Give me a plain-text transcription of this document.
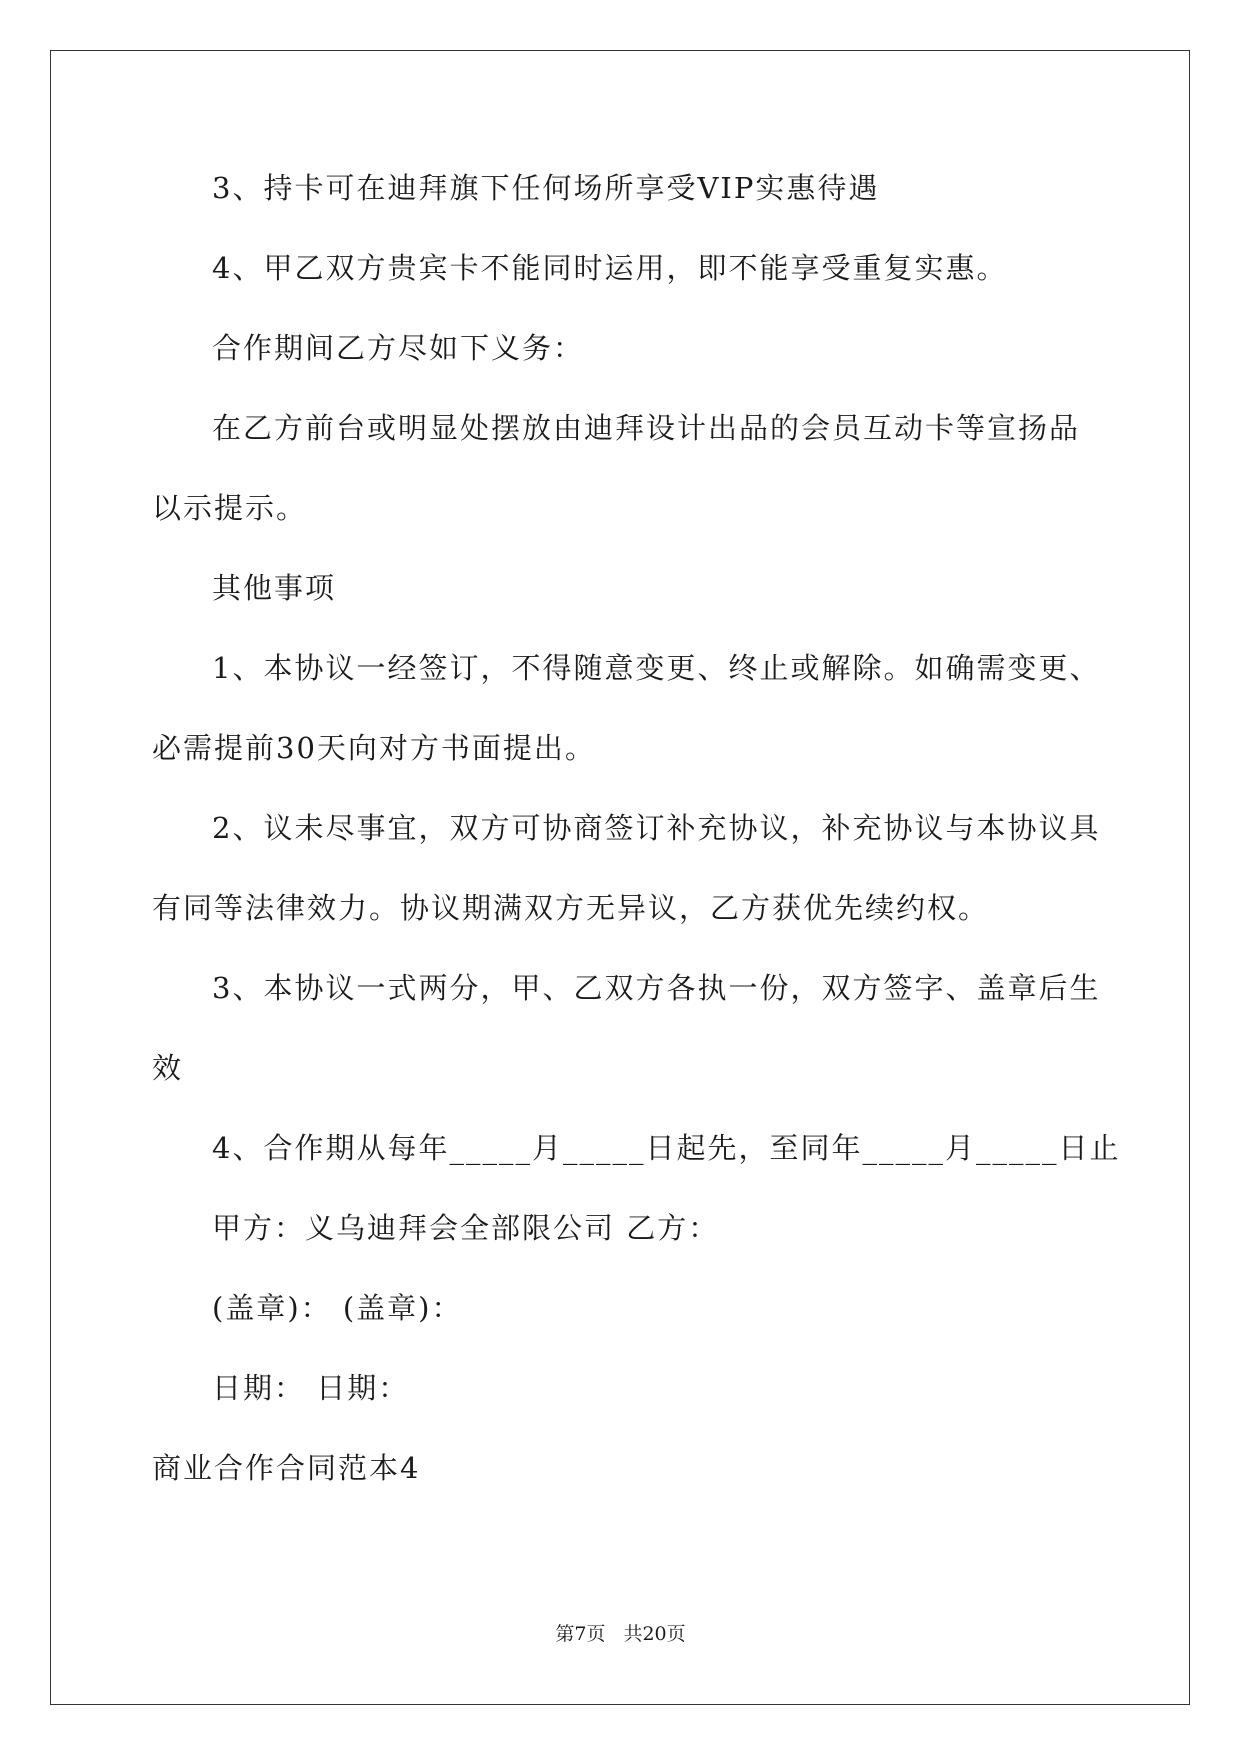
3、持卡可在迪拜旗下任何场所享受VIP实惠待遇
4、甲乙双方贵宾卡不能同时运用，即不能享受重复实惠。
合作期间乙方尽如下义务：
在乙方前台或明显处摆放由迪拜设计出品的会员互动卡等宣扬品
以示提示。
其他事项
1、本协议一经签订，不得随意变更、终止或解除。如确需变更、
必需提前30天向对方书面提出。
2、议未尽事宜，双方可协商签订补充协议，补充协议与本协议具
有同等法律效力。协议期满双方无异议，乙方获优先续约权。
3、本协议一式两分，甲、乙双方各执一份，双方签字、盖章后生
效
4、合作期从每年_____月_____日起先，至同年_____月_____日止
甲方：义乌迪拜会全部限公司 乙方：
(盖章)： (盖章)：
日期： 日期：
商业合作合同范本4
第7页 共20页
